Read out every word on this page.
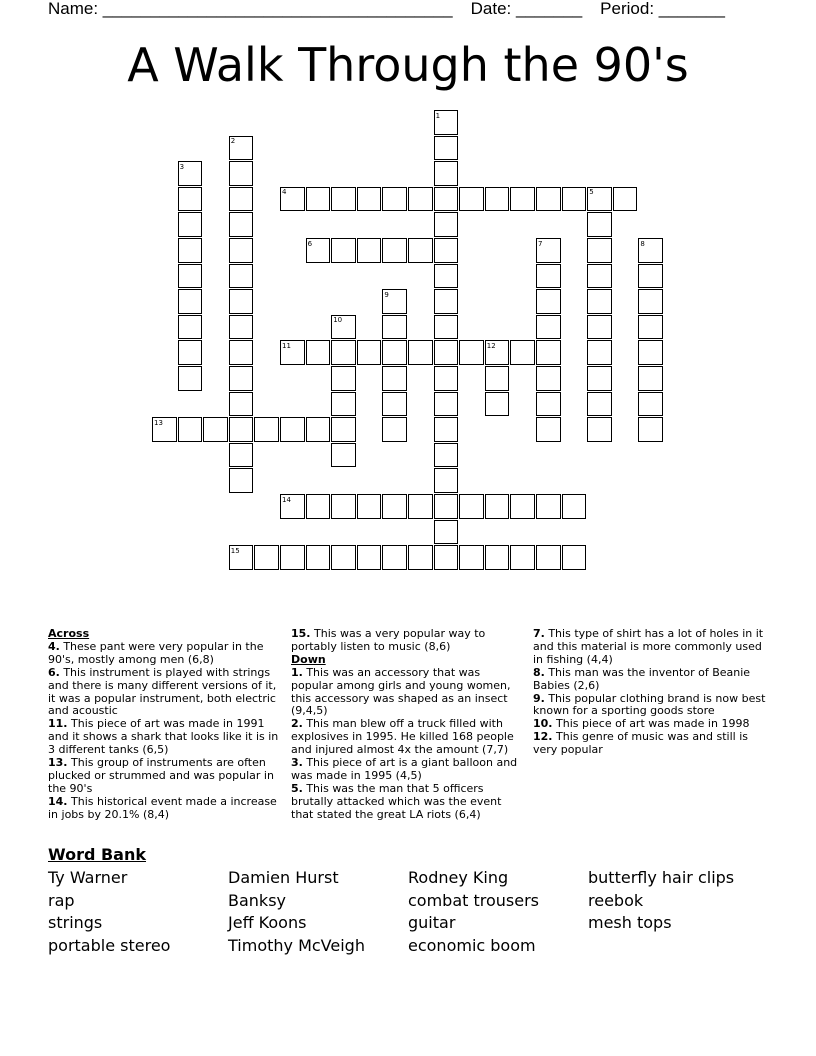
Name: _____________________________________ Date: _______ Period: _______
A Walk Through the 90's
1
2
3
4	5
6	7	8
9
10
11	12
13
14
15
Across
4. These pant were very popular in the 90's, mostly among men (6,8)
6. This instrument is played with strings and there is many different versions of it, it was a popular instrument, both electric and acoustic
11. This piece of art was made in 1991 and it shows a shark that looks like it is in 3 different tanks (6,5)
13. This group of instruments are often plucked or strummed and was popular in the 90's
14. This historical event made a increase in jobs by 20.1% (8,4)
15. This was a very popular way to portably listen to music (8,6)
Down
1. This was an accessory that was popular among girls and young women, this accessory was shaped as an insect (9,4,5)
2. This man blew off a truck filled with explosives in 1995. He killed 168 people and injured almost 4x the amount (7,7)
3. This piece of art is a giant balloon and was made in 1995 (4,5)
5. This was the man that 5 officers brutally attacked which was the event that stated the great LA riots (6,4)
7. This type of shirt has a lot of holes in it and this material is more commonly used in fishing (4,4)
8. This man was the inventor of Beanie Babies (2,6)
9. This popular clothing brand is now best known for a sporting goods store
10. This piece of art was made in 1998
12. This genre of music was and still is very popular
Word Bank
Ty Warner
rap
strings
portable stereo
Damien Hurst
Banksy
Jeff Koons
Timothy McVeigh
Rodney King
combat trousers
guitar
economic boom
butterfly hair clips
reebok
mesh tops
